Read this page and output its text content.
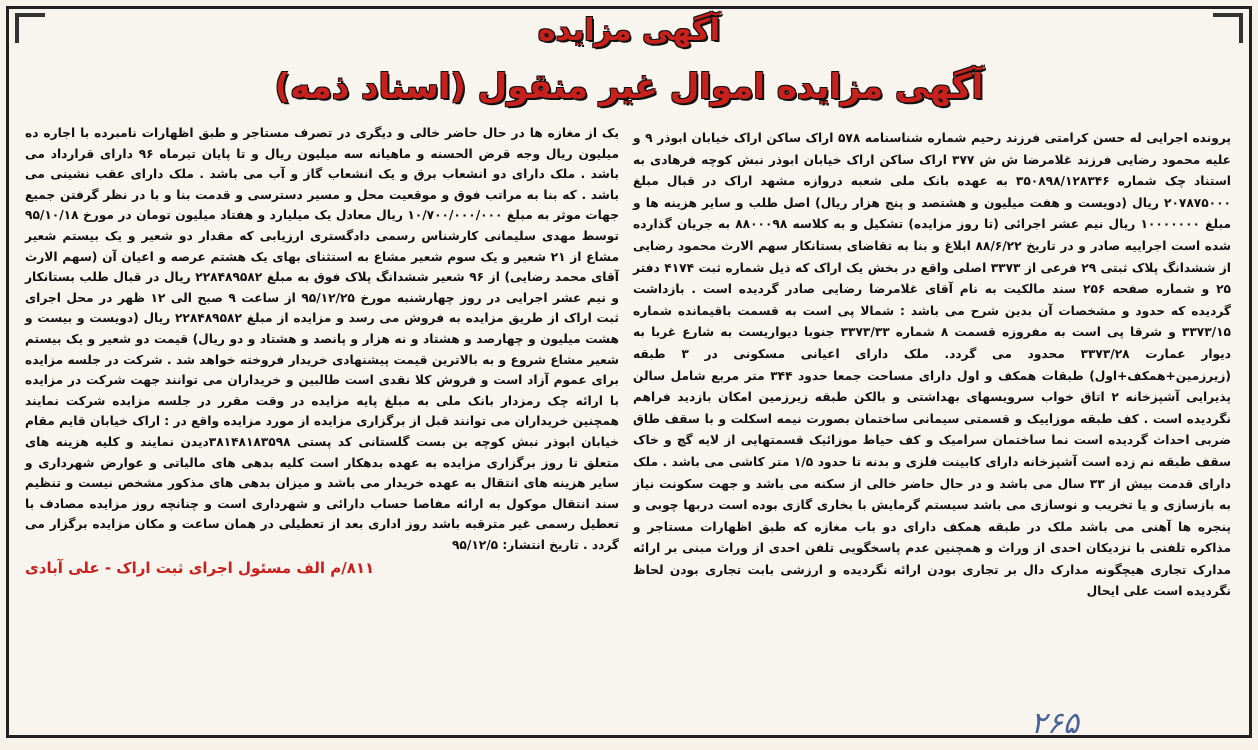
آگهی مزایده
آگهی مزایده اموال غیر منقول (اسناد ذمه)

پرونده اجرایی له حسن کرامتی فرزند رحیم شماره شناسنامه ۵۷۸ اراک ساکن اراک خیابان ابوذر ۹ و علیه محمود رضایی فرزند غلامرضا ش ش ۳۷۷ اراک ساکن اراک خیابان ابوذر نبش کوچه فرهادی به استناد چک شماره ۳۵۰۸۹۸/۱۲۸۳۴۶ به عهده بانک ملی شعبه دروازه مشهد اراک در قبال مبلغ ۲۰۷۸۷۵۰۰۰ ریال (دویست و هفت میلیون و هشتصد و پنج هزار ریال) اصل طلب و سایر هزینه ها و مبلغ ۱۰۰۰۰۰۰۰ ریال نیم عشر اجرائی (تا روز مزایده) تشکیل و به کلاسه ۸۸۰۰۰۹۸ به جریان گذارده شده است اجراییه صادر و در تاریخ ۸۸/۶/۲۲ ابلاغ و بنا به تقاضای بستانکار سهم الارث محمود رضایی از ششدانگ پلاک ثبتی ۲۹ فرعی از ۳۳۷۳ اصلی واقع در بخش یک اراک که ذیل شماره ثبت ۴۱۷۴ دفتر ۲۵ و شماره صفحه ۲۵۶ سند مالکیت به نام آقای غلامرضا رضایی صادر گردیده است . بازداشت گردیده که حدود و مشخصات آن بدین شرح می باشد : شمالا پی است به قسمت باقیمانده شماره ۳۳۷۳/۱۵ و شرقا پی است به مفروزه قسمت ۸ شماره ۳۳۷۳/۳۳ جنوبا دیواریست به شارع غربا به دیوار عمارت ۳۳۷۳/۲۸ محدود می گردد. ملک دارای اعیانی مسکونی در ۳ طبقه (زیرزمین+همکف+اول) طبقات همکف و اول دارای مساحت جمعا حدود ۳۴۴ متر مربع شامل سالن پذیرایی آشپزخانه ۲ اتاق خواب سرویسهای بهداشتی و بالکن طبقه زیرزمین امکان بازدید فراهم نگردیده است . کف طبقه موزاییک و قسمتی سیمانی ساختمان بصورت نیمه اسکلت و با سقف طاق ضربی احداث گردیده است نما ساختمان سرامیک و کف حیاط موزائیک قسمتهایی از لایه گچ و خاک سقف طبقه نم زده است آشپزخانه دارای کابینت فلزی و بدنه تا حدود ۱/۵ متر کاشی می باشد . ملک دارای قدمت بیش از ۳۳ سال می باشد و در حال حاضر خالی از سکنه می باشد و جهت سکونت نیاز به بازسازی و یا تخریب و نوسازی می باشد سیستم گرمایش با بخاری گازی بوده است دربها چوبی و پنجره ها آهنی می باشد ملک در طبقه همکف دارای دو باب مغازه که طبق اظهارات مستاجر و مذاکره تلفنی با نزدیکان احدی از وراث و همچنین عدم پاسخگویی تلفن احدی از وراث مبنی بر ارائه مدارک تجاری هیچگونه مدارک دال بر تجاری بودن ارائه نگردیده و ارزشی بابت تجاری بودن لحاظ نگردیده است علی ایحال

یک از مغازه ها در حال حاضر خالی و دیگری در تصرف مستاجر و طبق اظهارات نامبرده با اجاره ده میلیون ریال وجه قرض الحسنه و ماهیانه سه میلیون ریال و تا پایان تیرماه ۹۶ دارای قرارداد می باشد . ملک دارای دو انشعاب برق و یک انشعاب گاز و آب می باشد . ملک دارای عقب نشینی می باشد . که بنا به مراتب فوق و موقعیت محل و مسیر دسترسی و قدمت بنا و با در نظر گرفتن جمیع جهات موثر به مبلغ ۱۰/۷۰۰/۰۰۰/۰۰۰ ریال معادل یک میلیارد و هفتاد میلیون تومان در مورخ ۹۵/۱۰/۱۸ توسط مهدی سلیمانی کارشناس رسمی دادگستری ارزیابی که مقدار دو شعیر و یک بیستم شعیر مشاع از ۲۱ شعیر و یک سوم شعیر مشاع به استثنای بهای یک هشتم عرصه و اعیان آن (سهم الارث آقای محمد رضایی) از ۹۶ شعیر ششدانگ پلاک فوق به مبلغ ۲۲۸۴۸۹۵۸۲ ریال در قبال طلب بستانکار و نیم عشر اجرایی در روز چهارشنبه مورخ ۹۵/۱۲/۲۵ از ساعت ۹ صبح الی ۱۲ ظهر در محل اجرای ثبت اراک از طریق مزایده به فروش می رسد و مزایده از مبلغ ۲۲۸۴۸۹۵۸۲ ریال (دویست و بیست و هشت میلیون و چهارصد و هشتاد و نه هزار و پانصد و هشتاد و دو ریال) قیمت دو شعیر و یک بیستم شعیر مشاع شروع و به بالاترین قیمت پیشنهادی خریدار فروخته خواهد شد . شرکت در جلسه مزایده برای عموم آزاد است و فروش کلا نقدی است طالبین و خریداران می توانند جهت شرکت در مزایده با ارائه چک رمزدار بانک ملی به مبلغ پایه مزایده در وقت مقرر در جلسه مزایده شرکت نمایند همچنین خریداران می توانند قبل از برگزاری مزایده از مورد مزایده واقع در : اراک خیابان قایم مقام خیابان ابوذر نبش کوچه بن بست گلستانی کد پستی ۳۸۱۴۸۱۸۳۵۹۸دیدن نمایند و کلیه هزینه های متعلق تا روز برگزاری مزایده به عهده بدهکار است کلیه بدهی های مالیاتی و عوارض شهرداری و سایر هزینه های انتقال به عهده خریدار می باشد و میزان بدهی های مذکور مشخص نیست و تنظیم سند انتقال موکول به ارائه مفاصا حساب دارائی و شهرداری است و چنانچه روز مزایده مصادف با تعطیل رسمی غیر مترقبه باشد روز اداری بعد از تعطیلی در همان ساعت و مکان مزایده برگزار می گردد . تاریخ انتشار: ۹۵/۱۲/۵

۸۱۱/م الف مسئول اجرای ثبت اراک - علی آبادی
۲۶۵
